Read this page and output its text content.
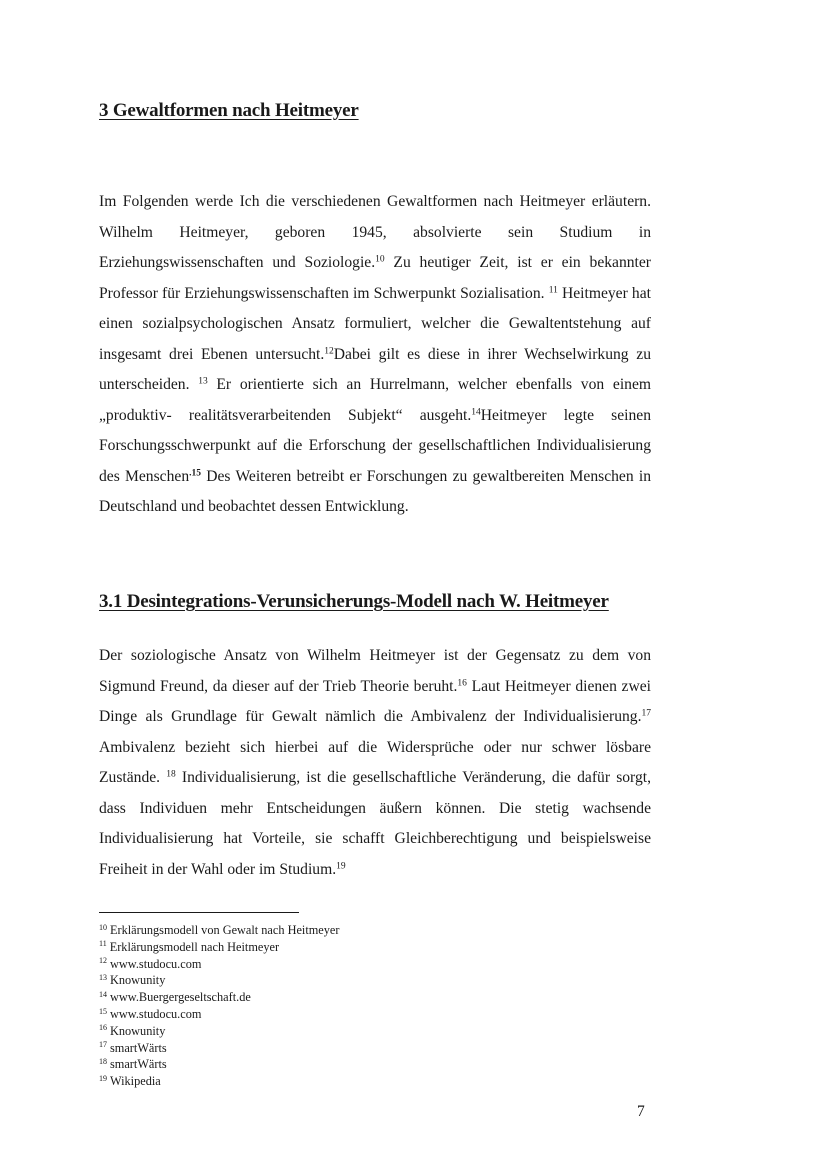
3 Gewaltformen nach Heitmeyer

Im Folgenden werde Ich die verschiedenen Gewaltformen nach Heitmeyer erläutern. Wilhelm Heitmeyer, geboren 1945, absolvierte sein Studium in Erziehungswissenschaften und Soziologie.$^{10}$ Zu heutiger Zeit, ist er ein bekannter Professor für Erziehungswissenschaften im Schwerpunkt Sozialisation. $^{11}$ Heitmeyer hat einen sozialpsychologischen Ansatz formuliert, welcher die Gewaltentstehung auf insgesamt drei Ebenen untersucht.$^{12}$Dabei gilt es diese in ihrer Wechselwirkung zu unterscheiden. $^{13}$ Er orientierte sich an Hurrelmann, welcher ebenfalls von einem „produktiv- realitätsverarbeitenden Subjekt“ ausgeht.$^{14}$Heitmeyer legte seinen Forschungsschwerpunkt auf die Erforschung der gesellschaftlichen Individualisierung des Menschen$^{.15}$ Des Weiteren betreibt er Forschungen zu gewaltbereiten Menschen in Deutschland und beobachtet dessen Entwicklung.

3.1 Desintegrations-Verunsicherungs-Modell nach W. Heitmeyer

Der soziologische Ansatz von Wilhelm Heitmeyer ist der Gegensatz zu dem von Sigmund Freund, da dieser auf der Trieb Theorie beruht.$^{16}$ Laut Heitmeyer dienen zwei Dinge als Grundlage für Gewalt nämlich die Ambivalenz der Individualisierung.$^{17}$ Ambivalenz bezieht sich hierbei auf die Widersprüche oder nur schwer lösbare Zustände. $^{18}$ Individualisierung, ist die gesellschaftliche Veränderung, die dafür sorgt, dass Individuen mehr Entscheidungen äußern können. Die stetig wachsende Individualisierung hat Vorteile, sie schafft Gleichberechtigung und beispielsweise Freiheit in der Wahl oder im Studium.$^{19}$

$^{10}$ Erklärungsmodell von Gewalt nach Heitmeyer
$^{11}$ Erklärungsmodell nach Heitmeyer
$^{12}$ www.studocu.com
$^{13}$ Knowunity
$^{14}$ www.Buergergeseltschaft.de
$^{15}$ www.studocu.com
$^{16}$ Knowunity
$^{17}$ smartWärts
$^{18}$ smartWärts
$^{19}$ Wikipedia
7
